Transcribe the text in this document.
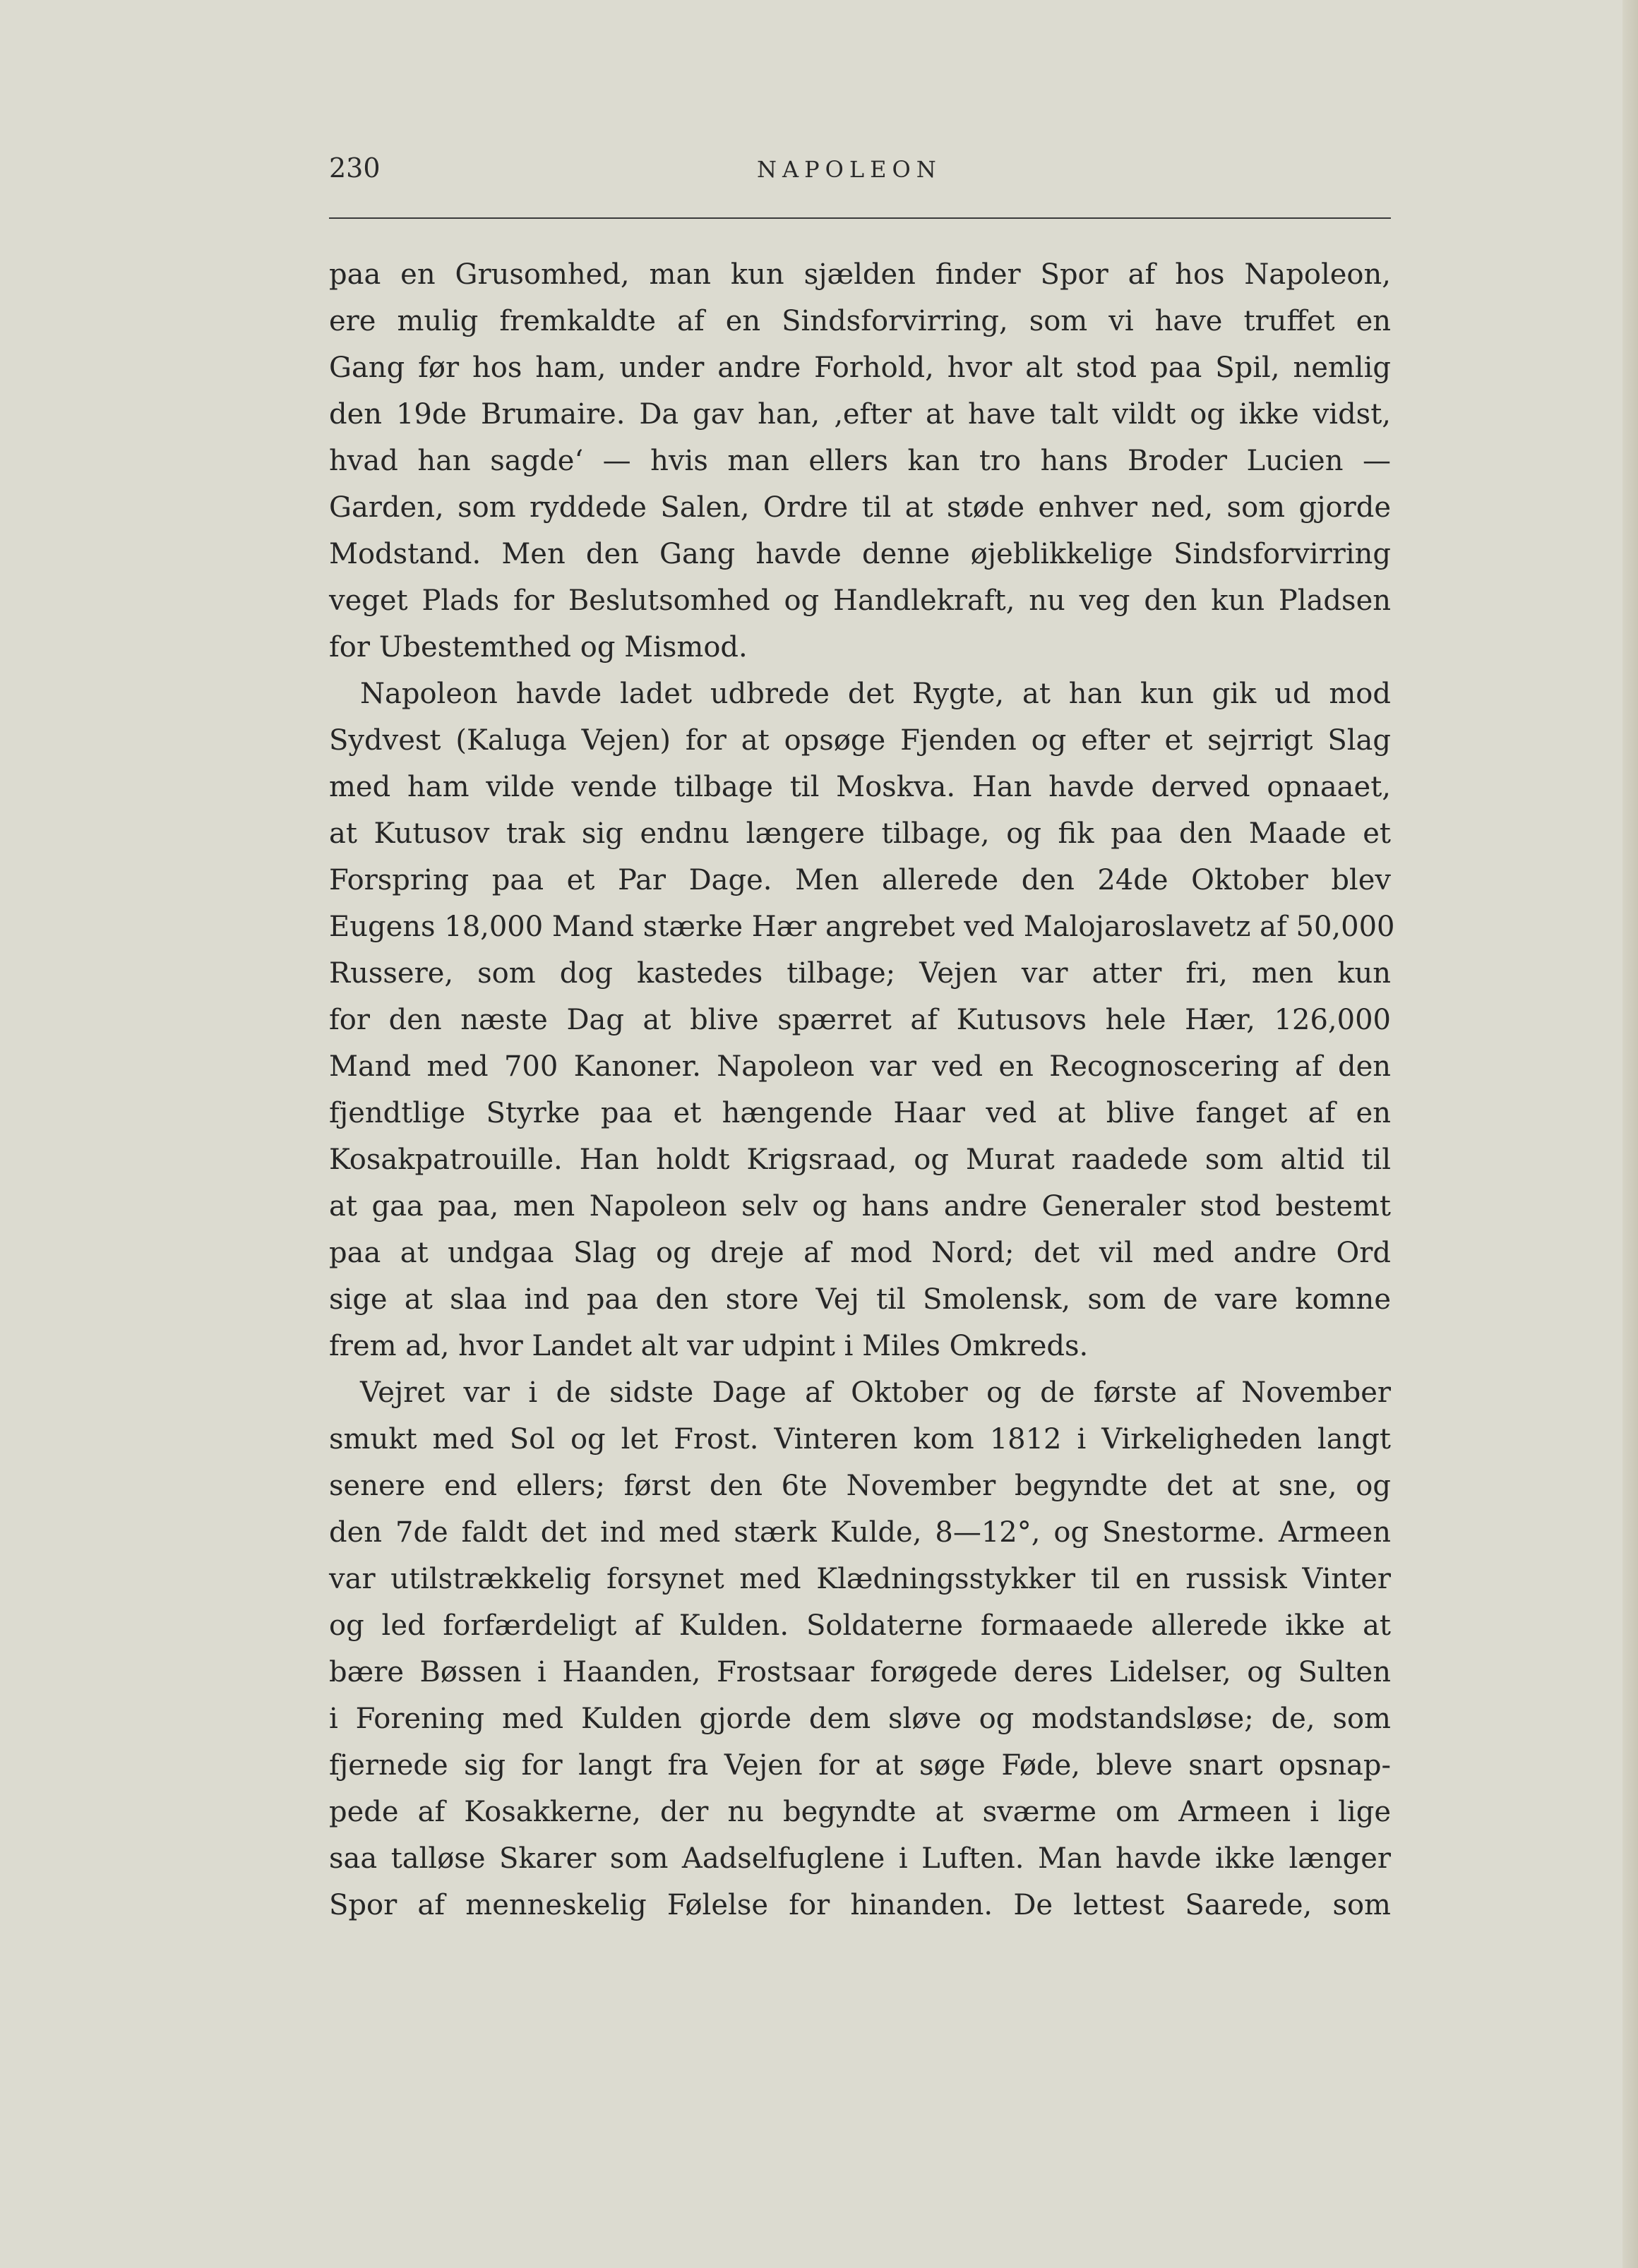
230	NAPOLEON
paa en Grusomhed, man kun sjælden finder Spor af hos Napoleon,
ere mulig fremkaldte af en Sindsforvirring, som vi have truffet en
Gang før hos ham, under andre Forhold, hvor alt stod paa Spil, nemlig
den 19de Brumaire. Da gav han, ‚efter at have talt vildt og ikke vidst,
hvad han sagde‘ — hvis man ellers kan tro hans Broder Lucien —
Garden, som ryddede Salen, Ordre til at støde enhver ned, som gjorde
Modstand. Men den Gang havde denne øjeblikkelige Sindsforvirring
veget Plads for Beslutsomhed og Handlekraft, nu veg den kun Pladsen
for Ubestemthed og Mismod.
Napoleon havde ladet udbrede det Rygte, at han kun gik ud mod
Sydvest (Kaluga Vejen) for at opsøge Fjenden og efter et sejrrigt Slag
med ham vilde vende tilbage til Moskva. Han havde derved opnaaet,
at Kutusov trak sig endnu længere tilbage, og fik paa den Maade et
Forspring paa et Par Dage. Men allerede den 24de Oktober blev
Eugens 18,000 Mand stærke Hær angrebet ved Malojaroslavetz af 50,000
Russere, som dog kastedes tilbage; Vejen var atter fri, men kun
for den næste Dag at blive spærret af Kutusovs hele Hær, 126,000
Mand med 700 Kanoner. Napoleon var ved en Recognoscering af den
fjendtlige Styrke paa et hængende Haar ved at blive fanget af en
Kosakpatrouille. Han holdt Krigsraad, og Murat raadede som altid til
at gaa paa, men Napoleon selv og hans andre Generaler stod bestemt
paa at undgaa Slag og dreje af mod Nord; det vil med andre Ord
sige at slaa ind paa den store Vej til Smolensk, som de vare komne
frem ad, hvor Landet alt var udpint i Miles Omkreds.
Vejret var i de sidste Dage af Oktober og de første af November
smukt med Sol og let Frost. Vinteren kom 1812 i Virkeligheden langt
senere end ellers; først den 6te November begyndte det at sne, og
den 7de faldt det ind med stærk Kulde, 8—12°, og Snestorme. Armeen
var utilstrækkelig forsynet med Klædningsstykker til en russisk Vinter
og led forfærdeligt af Kulden. Soldaterne formaaede allerede ikke at
bære Bøssen i Haanden, Frostsaar forøgede deres Lidelser, og Sulten
i Forening med Kulden gjorde dem sløve og modstandsløse; de, som
fjernede sig for langt fra Vejen for at søge Føde, bleve snart opsnap-
pede af Kosakkerne, der nu begyndte at sværme om Armeen i lige
saa talløse Skarer som Aadselfuglene i Luften. Man havde ikke længer
Spor af menneskelig Følelse for hinanden. De lettest Saarede, som
